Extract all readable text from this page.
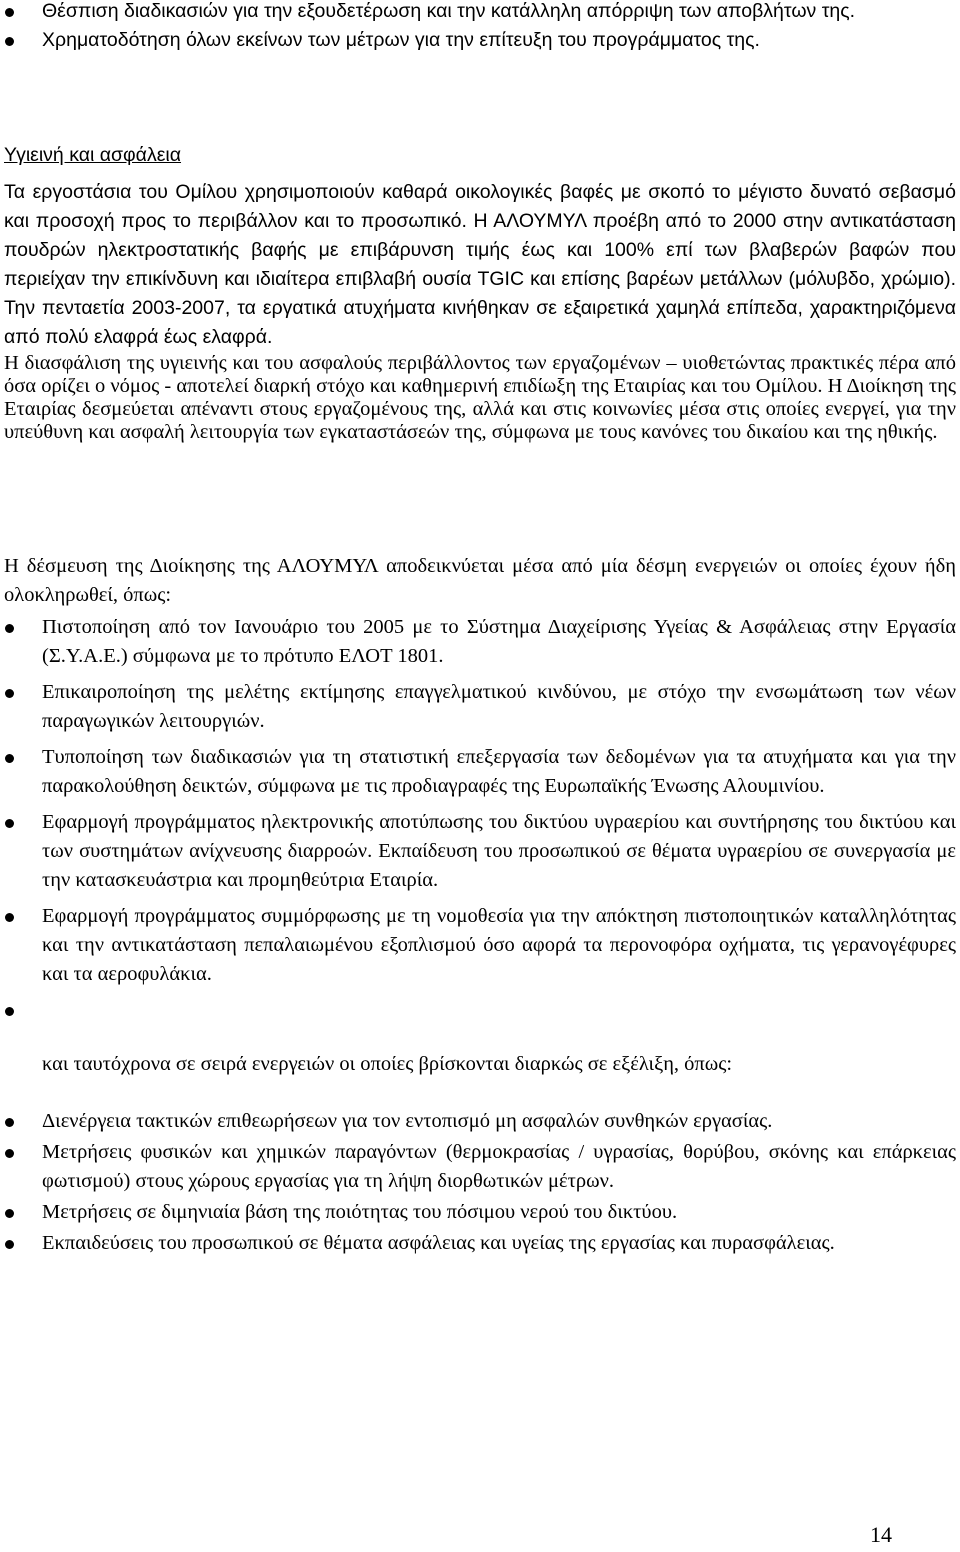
Θέσπιση διαδικασιών για την εξουδετέρωση και την κατάλληλη απόρριψη των αποβλήτων της.
Χρηματοδότηση όλων εκείνων των μέτρων για την επίτευξη του προγράμματος της.
Υγιεινή και ασφάλεια

Τα εργοστάσια του Ομίλου χρησιμοποιούν καθαρά οικολογικές βαφές με σκοπό το μέγιστο δυνατό σεβασμό και προσοχή προς το περιβάλλον και το προσωπικό. Η ΑΛΟΥΜΥΛ προέβη από το 2000 στην αντικατάσταση πουδρών ηλεκτροστατικής βαφής με επιβάρυνση τιμής έως και 100% επί των βλαβερών βαφών που περιείχαν την επικίνδυνη και ιδιαίτερα επιβλαβή ουσία TGIC και επίσης βαρέων μετάλλων (μόλυβδο, χρώμιο). Την πενταετία 2003-2007, τα εργατικά ατυχήματα κινήθηκαν σε εξαιρετικά χαμηλά επίπεδα, χαρακτηριζόμενα από πολύ ελαφρά έως ελαφρά.
Η διασφάλιση της υγιεινής και του ασφαλούς περιβάλλοντος των εργαζομένων – υιοθετώντας πρακτικές πέρα από όσα ορίζει ο νόμος - αποτελεί διαρκή στόχο και καθημερινή επιδίωξη της Εταιρίας και του Ομίλου. Η Διοίκηση της Εταιρίας δεσμεύεται απέναντι στους εργαζομένους της, αλλά και στις κοινωνίες μέσα στις οποίες ενεργεί, για την υπεύθυνη και ασφαλή λειτουργία των εγκαταστάσεών της, σύμφωνα με τους κανόνες του δικαίου και της ηθικής.

Η δέσμευση της Διοίκησης της ΑΛΟΥΜΥΛ αποδεικνύεται μέσα από μία δέσμη ενεργειών οι οποίες έχουν ήδη ολοκληρωθεί, όπως:

Πιστοποίηση από τον Ιανουάριο του 2005 με το Σύστημα Διαχείρισης Υγείας & Ασφάλειας στην Εργασία (Σ.Υ.Α.Ε.) σύμφωνα με το πρότυπο ΕΛΟΤ 1801.
Επικαιροποίηση της μελέτης εκτίμησης επαγγελματικού κινδύνου, με στόχο την ενσωμάτωση των νέων παραγωγικών λειτουργιών.
Τυποποίηση των διαδικασιών για τη στατιστική επεξεργασία των δεδομένων για τα ατυχήματα και για την παρακολούθηση δεικτών, σύμφωνα με τις προδιαγραφές της Ευρωπαϊκής Ένωσης Αλουμινίου.
Εφαρμογή προγράμματος ηλεκτρονικής αποτύπωσης του δικτύου υγραερίου και συντήρησης του δικτύου και των συστημάτων ανίχνευσης διαρροών. Εκπαίδευση του προσωπικού σε θέματα υγραερίου σε συνεργασία με την κατασκευάστρια και προμηθεύτρια Εταιρία.
Εφαρμογή προγράμματος συμμόρφωσης με τη νομοθεσία για την απόκτηση πιστοποιητικών καταλληλότητας και την αντικατάσταση πεπαλαιωμένου εξοπλισμού όσο αφορά τα περονοφόρα οχήματα, τις γερανογέφυρες και τα αεροφυλάκια.

και ταυτόχρονα σε σειρά ενεργειών οι οποίες βρίσκονται διαρκώς σε εξέλιξη, όπως:

Διενέργεια τακτικών επιθεωρήσεων για τον εντοπισμό μη ασφαλών συνθηκών εργασίας.
Μετρήσεις φυσικών και χημικών παραγόντων (θερμοκρασίας / υγρασίας, θορύβου, σκόνης και επάρκειας φωτισμού) στους χώρους εργασίας για τη λήψη διορθωτικών μέτρων.
Μετρήσεις σε διμηνιαία βάση της ποιότητας του πόσιμου νερού του δικτύου.
Εκπαιδεύσεις του προσωπικού σε θέματα ασφάλειας και υγείας της εργασίας και πυρασφάλειας.

14
